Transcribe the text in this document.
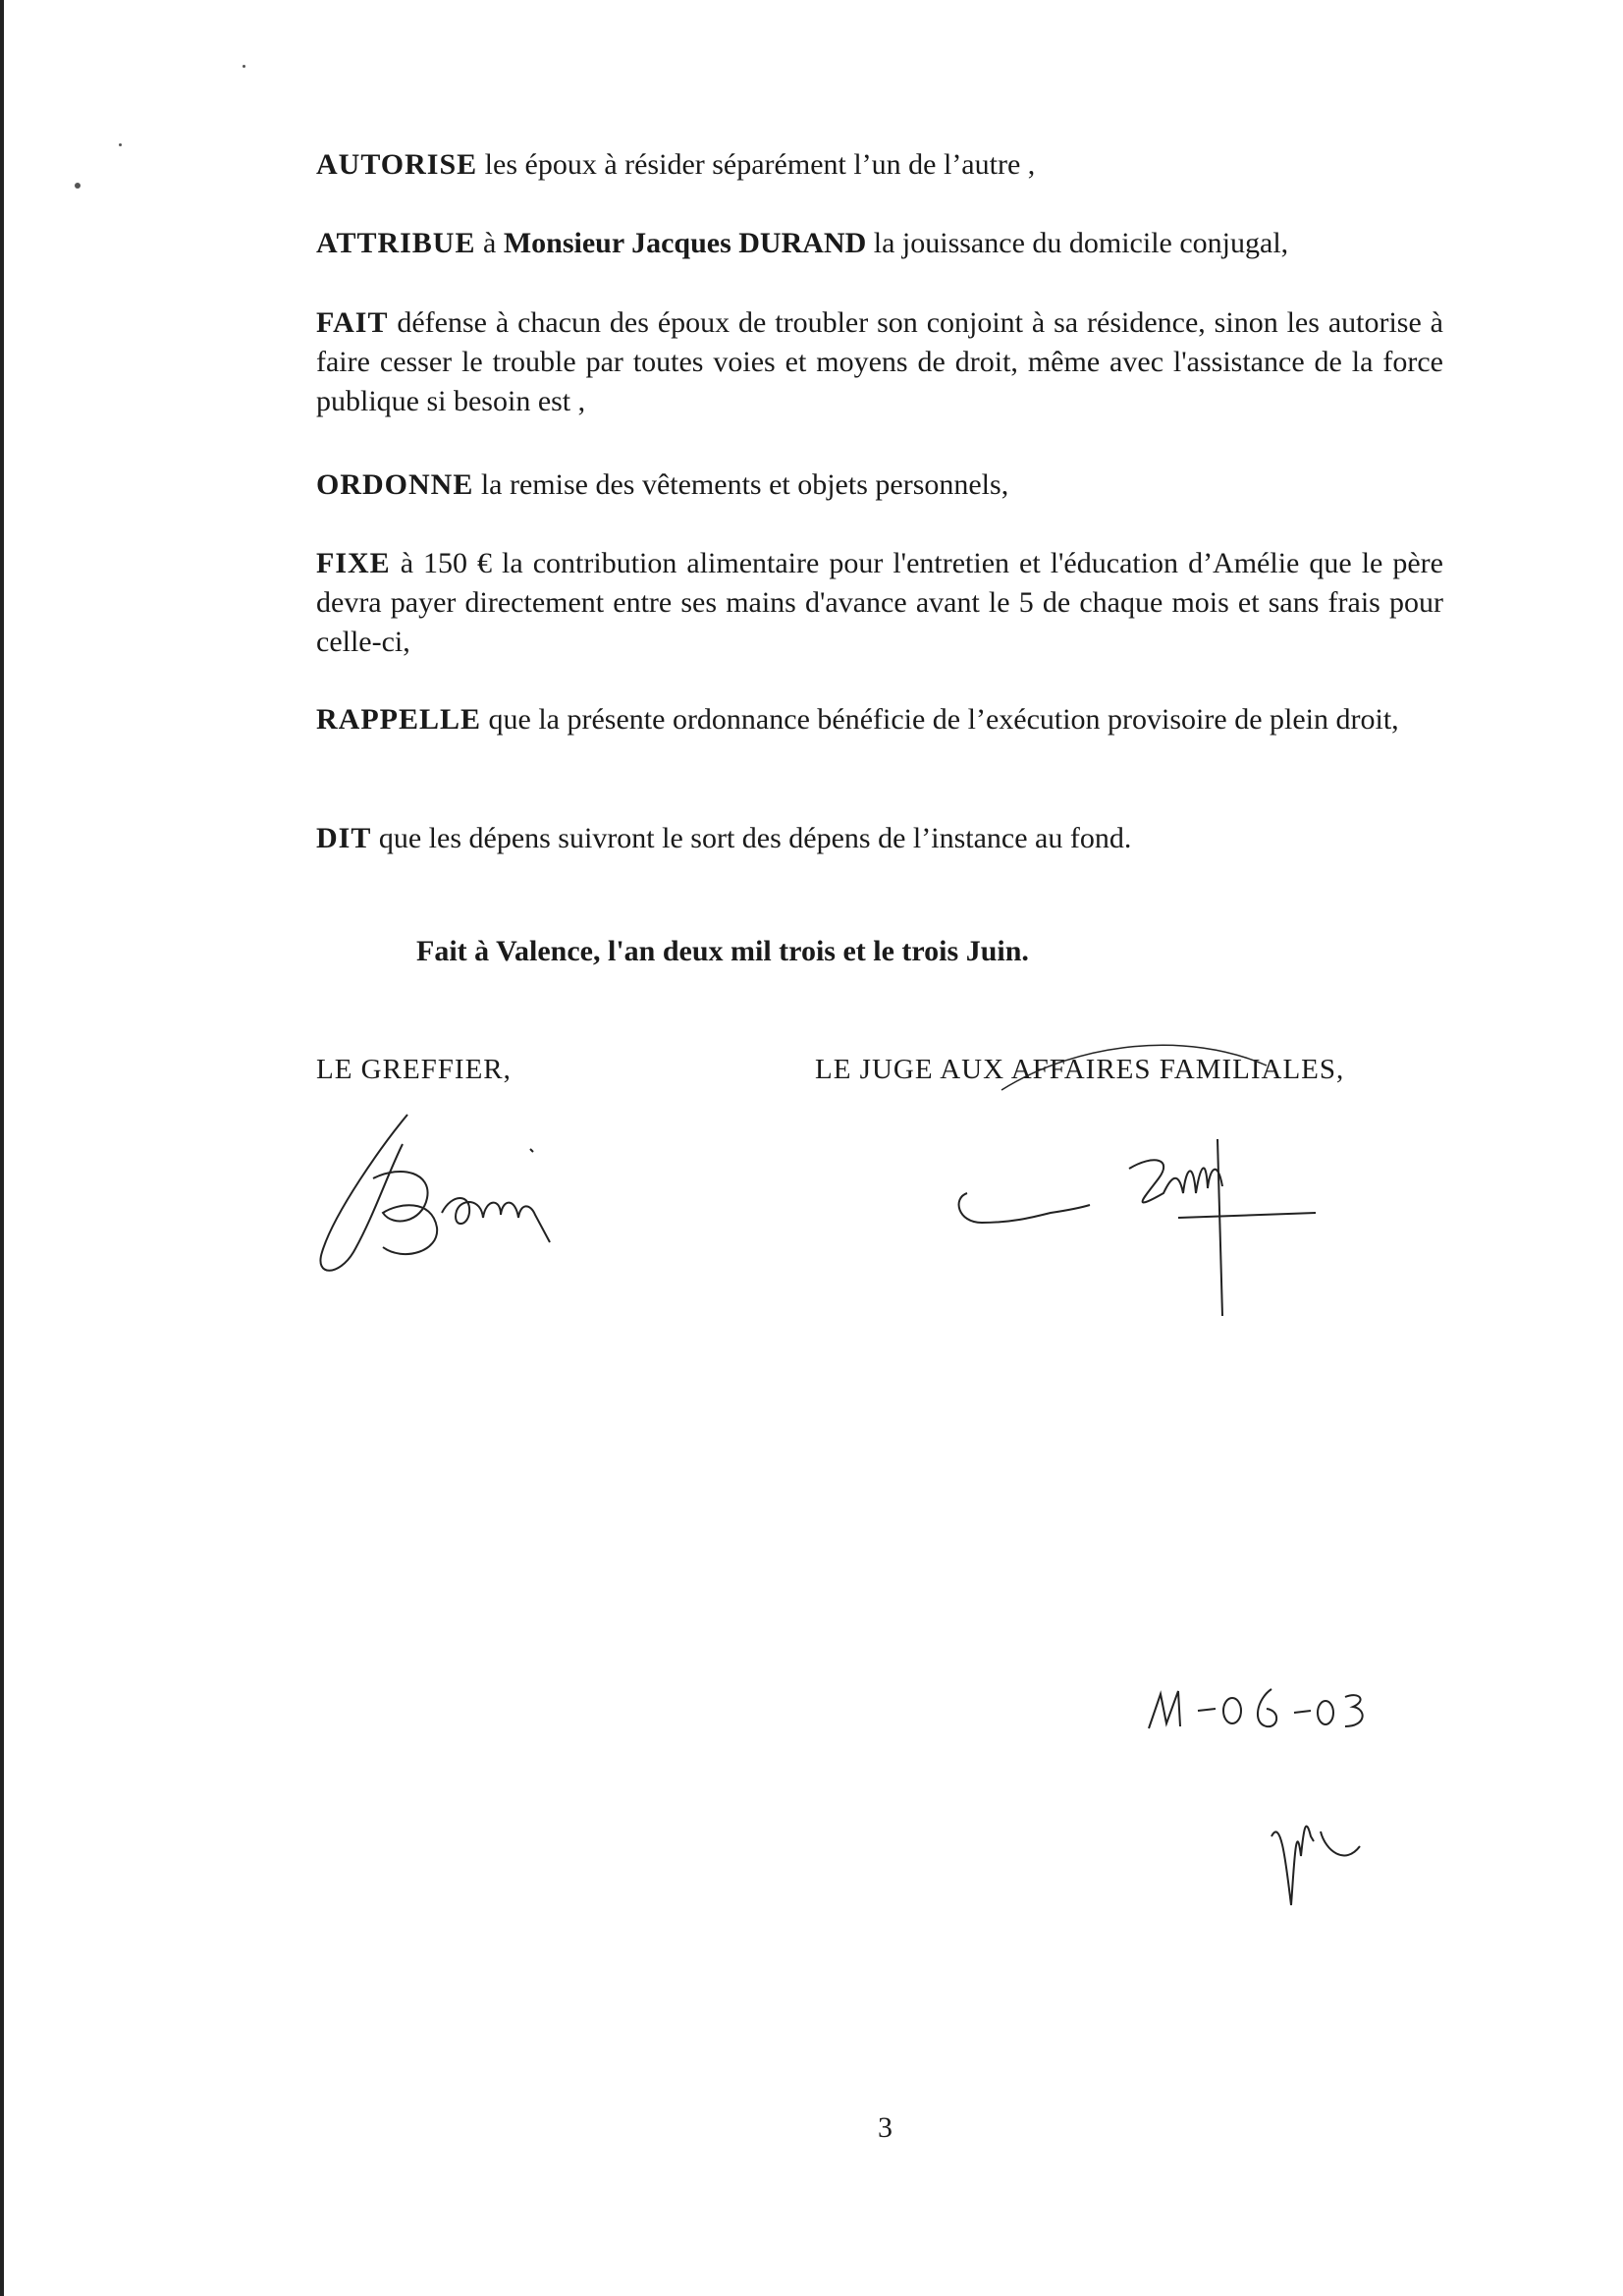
AUTORISE les époux à résider séparément l’un de l’autre ,

ATTRIBUE à Monsieur Jacques DURAND la jouissance du domicile conjugal,

FAIT défense à chacun des époux de troubler son conjoint à sa résidence, sinon les autorise à faire cesser le trouble par toutes voies et moyens de droit, même avec l'assistance de la force publique si besoin est ,

ORDONNE la remise des vêtements et objets personnels,

FIXE à 150 € la contribution alimentaire pour l'entretien et l'éducation d’Amélie que le père devra payer directement entre ses mains d'avance avant le 5 de chaque mois et sans frais pour celle-ci,

RAPPELLE que la présente ordonnance bénéficie de l’exécution provisoire de plein droit,

DIT que les dépens suivront le sort des dépens de l’instance au fond.

Fait à Valence, l'an deux mil trois et le trois Juin.

LE GREFFIER,	LE JUGE AUX AFFAIRES FAMILIALES,

3
